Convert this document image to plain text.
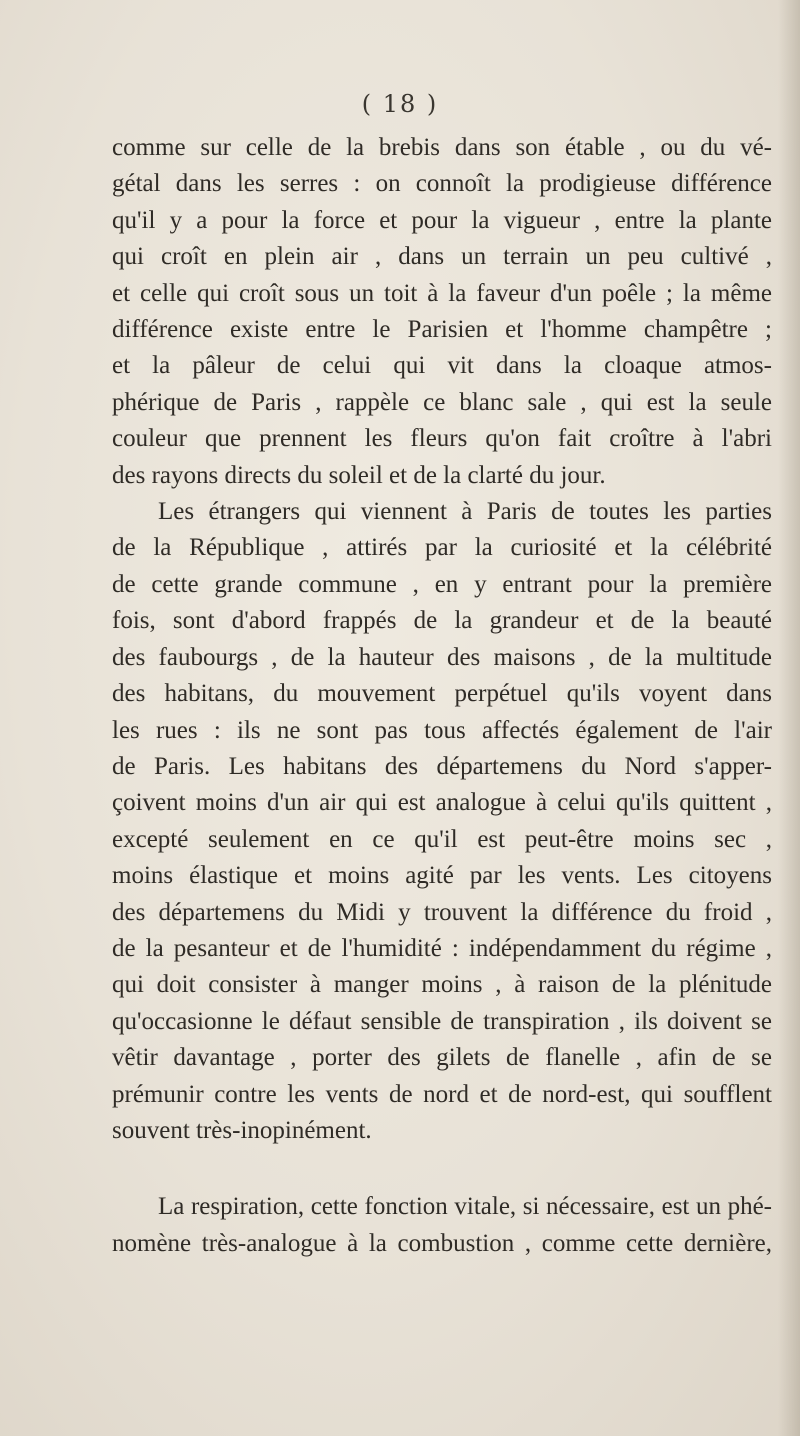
( 18 )
comme sur celle de la brebis dans son étable , ou du vé-
gétal dans les serres : on connoît la prodigieuse différence
qu'il y a pour la force et pour la vigueur , entre la plante
qui croît en plein air , dans un terrain un peu cultivé ,
et celle qui croît sous un toit à la faveur d'un poêle ; la même
différence existe entre le Parisien et l'homme champêtre ;
et la pâleur de celui qui vit dans la cloaque atmos-
phérique de Paris , rappèle ce blanc sale , qui est la seule
couleur que prennent les fleurs qu'on fait croître à l'abri
des rayons directs du soleil et de la clarté du jour.
Les étrangers qui viennent à Paris de toutes les parties
de la République , attirés par la curiosité et la célébrité
de cette grande commune , en y entrant pour la première
fois, sont d'abord frappés de la grandeur et de la beauté
des faubourgs , de la hauteur des maisons , de la multitude
des habitans, du mouvement perpétuel qu'ils voyent dans
les rues : ils ne sont pas tous affectés également de l'air
de Paris. Les habitans des départemens du Nord s'apper-
çoivent moins d'un air qui est analogue à celui qu'ils quittent ,
excepté seulement en ce qu'il est peut-être moins sec ,
moins élastique et moins agité par les vents. Les citoyens
des départemens du Midi y trouvent la différence du froid ,
de la pesanteur et de l'humidité : indépendamment du régime ,
qui doit consister à manger moins , à raison de la plénitude
qu'occasionne le défaut sensible de transpiration , ils doivent se
vêtir davantage , porter des gilets de flanelle , afin de se
prémunir contre les vents de nord et de nord-est, qui soufflent
souvent très-inopinément.
La respiration, cette fonction vitale, si nécessaire, est un phé-
nomène très-analogue à la combustion , comme cette dernière,
